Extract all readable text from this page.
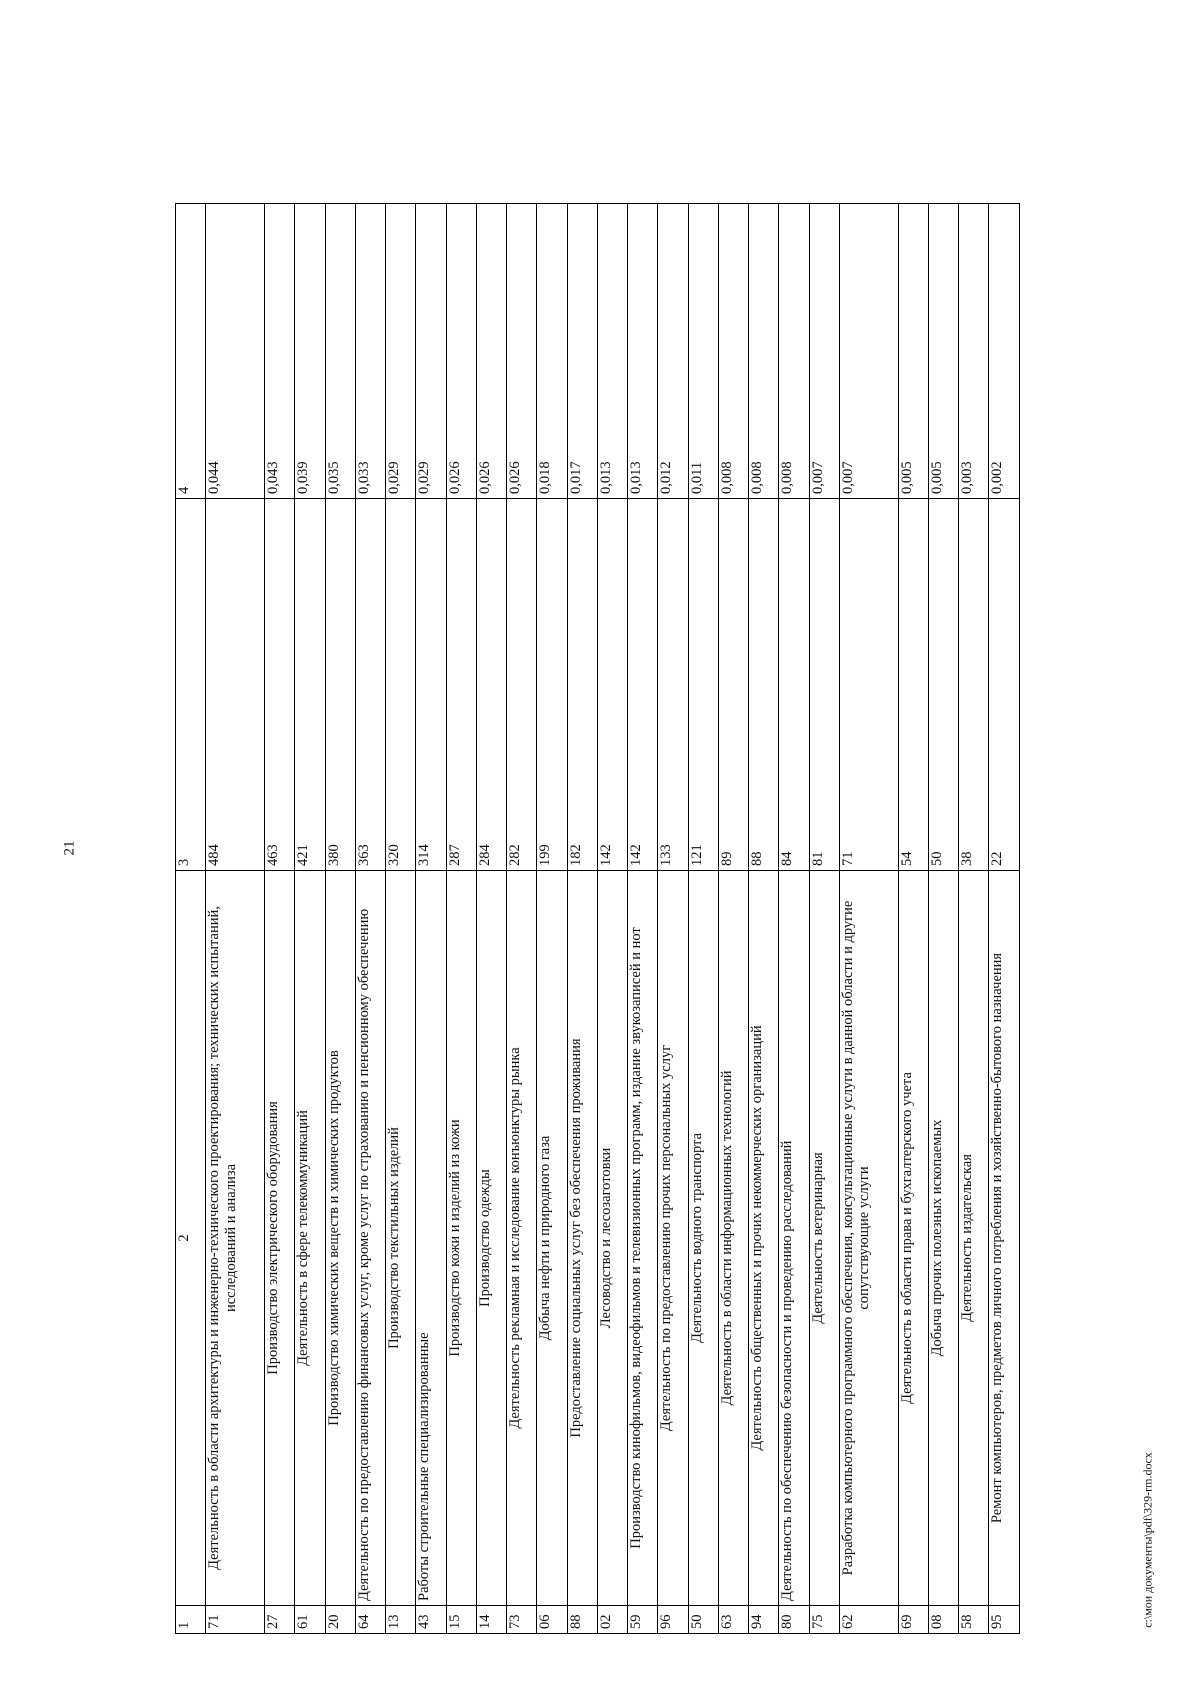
21
1	2	3	4
71	Деятельность в области архитектуры и инженерно-технического проектирования; технических испытаний, исследований и анализа	484	0,044
27	Производство электрического оборудования	463	0,043
61	Деятельность в сфере телекоммуникаций	421	0,039
20	Производство химических веществ и химических продуктов	380	0,035
64	Деятельность по предоставлению финансовых услуг, кроме услуг по страхованию и пенсионному обеспечению	363	0,033
13	Производство текстильных изделий	320	0,029
43	Работы строительные специализированные	314	0,029
15	Производство кожи и изделий из кожи	287	0,026
14	Производство одежды	284	0,026
73	Деятельность рекламная и исследование конъюнктуры рынка	282	0,026
06	Добыча нефти и природного газа	199	0,018
88	Предоставление социальных услуг без обеспечения проживания	182	0,017
02	Лесоводство и лесозаготовки	142	0,013
59	Производство кинофильмов, видеофильмов и телевизионных программ, издание звукозаписей и нот	142	0,013
96	Деятельность по предоставлению прочих персональных услуг	133	0,012
50	Деятельность водного транспорта	121	0,011
63	Деятельность в области информационных технологий	89	0,008
94	Деятельность общественных и прочих некоммерческих организаций	88	0,008
80	Деятельность по обеспечению безопасности и проведению расследований	84	0,008
75	Деятельность ветеринарная	81	0,007
62	Разработка компьютерного программного обеспечения, консультационные услуги в данной области и другие сопутствующие услуги	71	0,007
69	Деятельность в области права и бухгалтерского учета	54	0,005
08	Добыча прочих полезных ископаемых	50	0,005
58	Деятельность издательская	38	0,003
95	Ремонт компьютеров, предметов личного потребления и хозяйственно-бытового назначения	22	0,002
c:\мои документы\pdf\329-rm.docx
